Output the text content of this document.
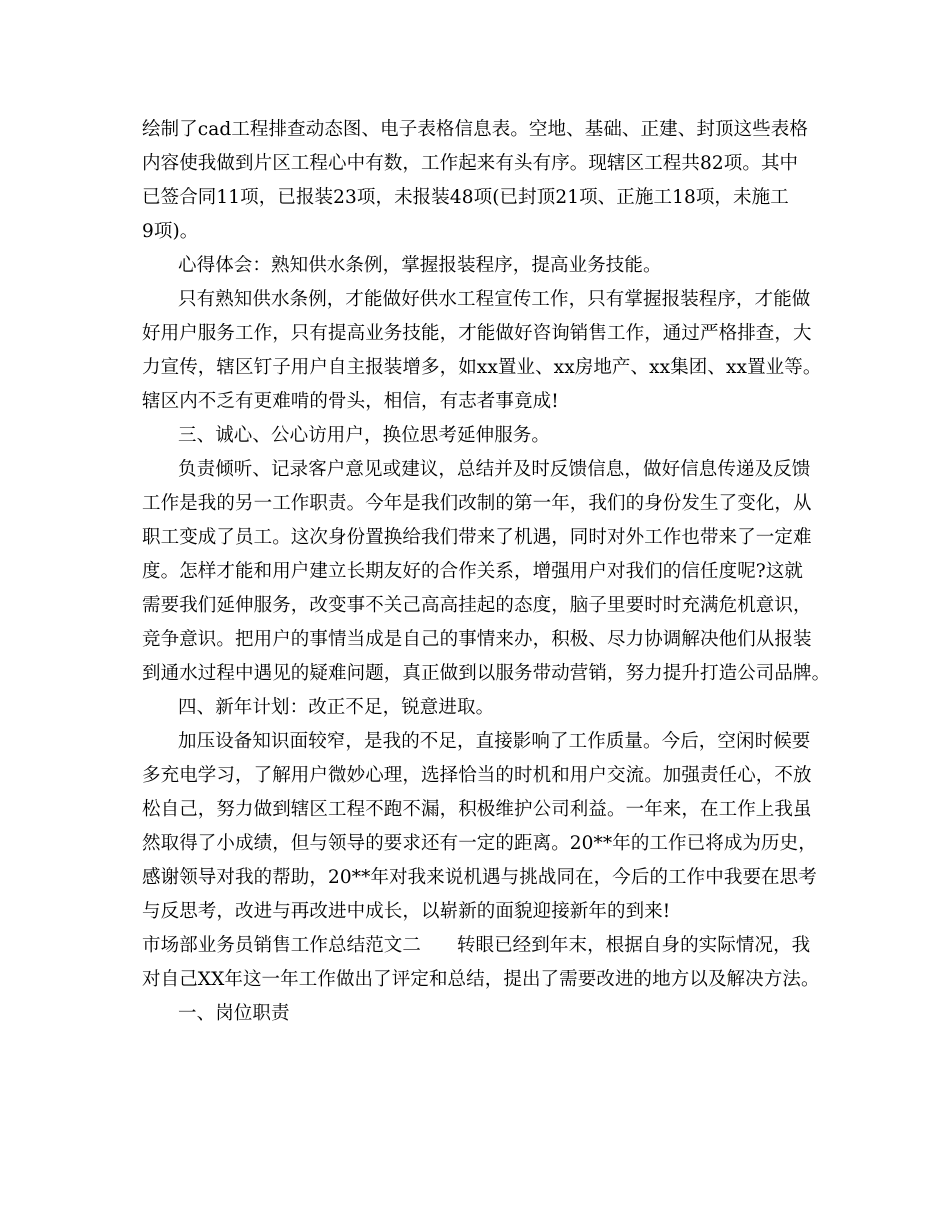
绘制了cad工程排查动态图、电子表格信息表。空地、基础、正建、封顶这些表格
内容使我做到片区工程心中有数，工作起来有头有序。现辖区工程共82项。其中
已签合同11项，已报装23项，未报装48项(已封顶21项、正施工18项，未施工
9项)。
心得体会：熟知供水条例，掌握报装程序，提高业务技能。
只有熟知供水条例，才能做好供水工程宣传工作，只有掌握报装程序，才能做
好用户服务工作，只有提高业务技能，才能做好咨询销售工作，通过严格排查，大
力宣传，辖区钉子用户自主报装增多，如xx置业、xx房地产、xx集团、xx置业等。
辖区内不乏有更难啃的骨头，相信，有志者事竟成!
三、诚心、公心访用户，换位思考延伸服务。
负责倾听、记录客户意见或建议，总结并及时反馈信息，做好信息传递及反馈
工作是我的另一工作职责。今年是我们改制的第一年，我们的身份发生了变化，从
职工变成了员工。这次身份置换给我们带来了机遇，同时对外工作也带来了一定难
度。怎样才能和用户建立长期友好的合作关系，增强用户对我们的信任度呢?这就
需要我们延伸服务，改变事不关己高高挂起的态度，脑子里要时时充满危机意识，
竞争意识。把用户的事情当成是自己的事情来办，积极、尽力协调解决他们从报装
到通水过程中遇见的疑难问题，真正做到以服务带动营销，努力提升打造公司品牌。
四、新年计划：改正不足，锐意进取。
加压设备知识面较窄，是我的不足，直接影响了工作质量。今后，空闲时候要
多充电学习，了解用户微妙心理，选择恰当的时机和用户交流。加强责任心，不放
松自己，努力做到辖区工程不跑不漏，积极维护公司利益。一年来，在工作上我虽
然取得了小成绩，但与领导的要求还有一定的距离。20**年的工作已将成为历史，
感谢领导对我的帮助，20**年对我来说机遇与挑战同在，今后的工作中我要在思考
与反思考，改进与再改进中成长，以崭新的面貌迎接新年的到来!
市场部业务员销售工作总结范文二      转眼已经到年末，根据自身的实际情况，我
对自己XX年这一年工作做出了评定和总结，提出了需要改进的地方以及解决方法。
一、岗位职责
